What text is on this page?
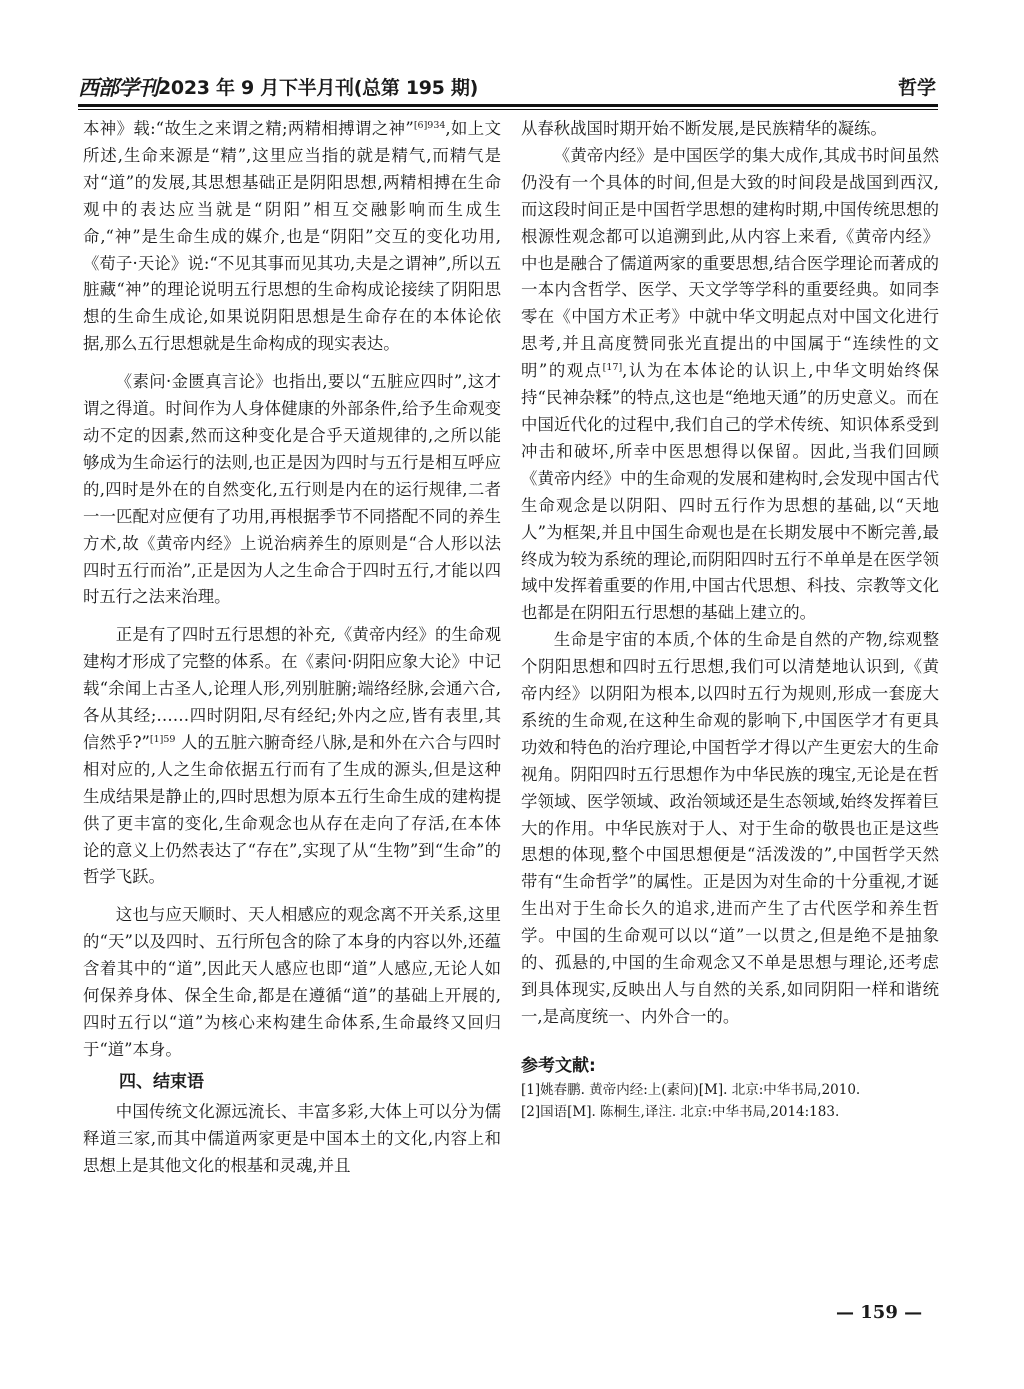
西部学刊 2023 年 9 月下半月刊(总第 195 期)	哲学

本神》载:“故生之来谓之精;两精相搏谓之神”$^{[6]934}$,如上文所述,生命来源是“精”,这里应当指的就是精气,而精气是对“道”的发展,其思想基础正是阴阳思想,两精相搏在生命观中的表达应当就是“阴阳”相互交融影响而生成生命,“神”是生命生成的媒介,也是“阴阳”交互的变化功用,《荀子·天论》说:“不见其事而见其功,夫是之谓神”,所以五脏藏“神”的理论说明五行思想的生命构成论接续了阴阳思想的生命生成论,如果说阴阳思想是生命存在的本体论依据,那么五行思想就是生命构成的现实表达。

《素问·金匮真言论》也指出,要以“五脏应四时”,这才谓之得道。时间作为人身体健康的外部条件,给予生命观变动不定的因素,然而这种变化是合乎天道规律的,之所以能够成为生命运行的法则,也正是因为四时与五行是相互呼应的,四时是外在的自然变化,五行则是内在的运行规律,二者一一匹配对应便有了功用,再根据季节不同搭配不同的养生方术,故《黄帝内经》上说治病养生的原则是“合人形以法四时五行而治”,正是因为人之生命合于四时五行,才能以四时五行之法来治理。

正是有了四时五行思想的补充,《黄帝内经》的生命观建构才形成了完整的体系。在《素问·阴阳应象大论》中记载“余闻上古圣人,论理人形,列别脏腑;端络经脉,会通六合,各从其经;……四时阴阳,尽有经纪;外内之应,皆有表里,其信然乎?”$^{[1]59}$ 人的五脏六腑奇经八脉,是和外在六合与四时相对应的,人之生命依据五行而有了生成的源头,但是这种生成结果是静止的,四时思想为原本五行生命生成的建构提供了更丰富的变化,生命观念也从存在走向了存活,在本体论的意义上仍然表达了“存在”,实现了从“生物”到“生命”的哲学飞跃。

这也与应天顺时、天人相感应的观念离不开关系,这里的“天”以及四时、五行所包含的除了本身的内容以外,还蕴含着其中的“道”,因此天人感应也即“道”人感应,无论人如何保养身体、保全生命,都是在遵循“道”的基础上开展的,四时五行以“道”为核心来构建生命体系,生命最终又回归于“道”本身。

四、结束语

中国传统文化源远流长、丰富多彩,大体上可以分为儒释道三家,而其中儒道两家更是中国本土的文化,内容上和思想上是其他文化的根基和灵魂,并且

从春秋战国时期开始不断发展,是民族精华的凝练。

《黄帝内经》是中国医学的集大成作,其成书时间虽然仍没有一个具体的时间,但是大致的时间段是战国到西汉,而这段时间正是中国哲学思想的建构时期,中国传统思想的根源性观念都可以追溯到此,从内容上来看,《黄帝内经》中也是融合了儒道两家的重要思想,结合医学理论而著成的一本内含哲学、医学、天文学等学科的重要经典。如同李零在《中国方术正考》中就中华文明起点对中国文化进行思考,并且高度赞同张光直提出的中国属于“连续性的文明”的观点[17],认为在本体论的认识上,中华文明始终保持“民神杂糅”的特点,这也是“绝地天通”的历史意义。而在中国近代化的过程中,我们自己的学术传统、知识体系受到冲击和破坏,所幸中医思想得以保留。因此,当我们回顾《黄帝内经》中的生命观的发展和建构时,会发现中国古代生命观念是以阴阳、四时五行作为思想的基础,以“天地人”为框架,并且中国生命观也是在长期发展中不断完善,最终成为较为系统的理论,而阴阳四时五行不单单是在医学领域中发挥着重要的作用,中国古代思想、科技、宗教等文化也都是在阴阳五行思想的基础上建立的。

生命是宇宙的本质,个体的生命是自然的产物,综观整个阴阳思想和四时五行思想,我们可以清楚地认识到,《黄帝内经》以阴阳为根本,以四时五行为规则,形成一套庞大系统的生命观,在这种生命观的影响下,中国医学才有更具功效和特色的治疗理论,中国哲学才得以产生更宏大的生命视角。阴阳四时五行思想作为中华民族的瑰宝,无论是在哲学领域、医学领域、政治领域还是生态领域,始终发挥着巨大的作用。中华民族对于人、对于生命的敬畏也正是这些思想的体现,整个中国思想便是“活泼泼的”,中国哲学天然带有“生命哲学”的属性。正是因为对生命的十分重视,才诞生出对于生命长久的追求,进而产生了古代医学和养生哲学。中国的生命观可以以“道”一以贯之,但是绝不是抽象的、孤悬的,中国的生命观念又不单是思想与理论,还考虑到具体现实,反映出人与自然的关系,如同阴阳一样和谐统一,是高度统一、内外合一的。

参考文献:
[1]姚春鹏. 黄帝内经:上(素问)[M]. 北京:中华书局,2010.
[2]国语[M]. 陈桐生,译注. 北京:中华书局,2014:183.
— 159 —
